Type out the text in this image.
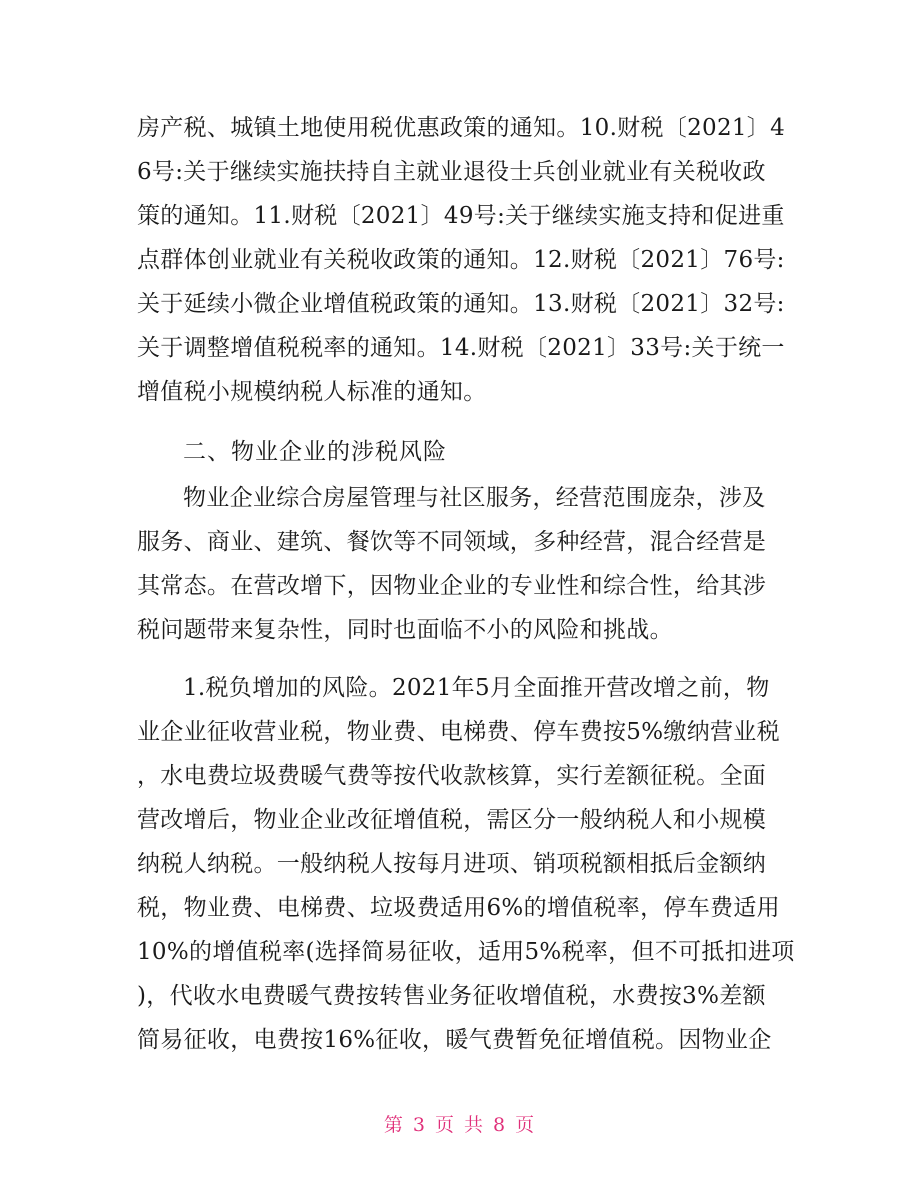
房产税、城镇土地使用税优惠政策的通知。10.财税〔2021〕4
6号:关于继续实施扶持自主就业退役士兵创业就业有关税收政
策的通知。11.财税〔2021〕49号:关于继续实施支持和促进重
点群体创业就业有关税收政策的通知。12.财税〔2021〕76号:
关于延续小微企业增值税政策的通知。13.财税〔2021〕32号:
关于调整增值税税率的通知。14.财税〔2021〕33号:关于统一
增值税小规模纳税人标准的通知。
二、物业企业的涉税风险
物业企业综合房屋管理与社区服务，经营范围庞杂，涉及
服务、商业、建筑、餐饮等不同领域，多种经营，混合经营是
其常态。在营改增下，因物业企业的专业性和综合性，给其涉
税问题带来复杂性，同时也面临不小的风险和挑战。
1.税负增加的风险。2021年5月全面推开营改增之前，物
业企业征收营业税，物业费、电梯费、停车费按5%缴纳营业税
，水电费垃圾费暖气费等按代收款核算，实行差额征税。全面
营改增后，物业企业改征增值税，需区分一般纳税人和小规模
纳税人纳税。一般纳税人按每月进项、销项税额相抵后金额纳
税，物业费、电梯费、垃圾费适用6%的增值税率，停车费适用
10%的增值税率(选择简易征收，适用5%税率，但不可抵扣进项
)，代收水电费暖气费按转售业务征收增值税，水费按3%差额
简易征收，电费按16%征收，暖气费暂免征增值税。因物业企
第 3 页 共 8 页
